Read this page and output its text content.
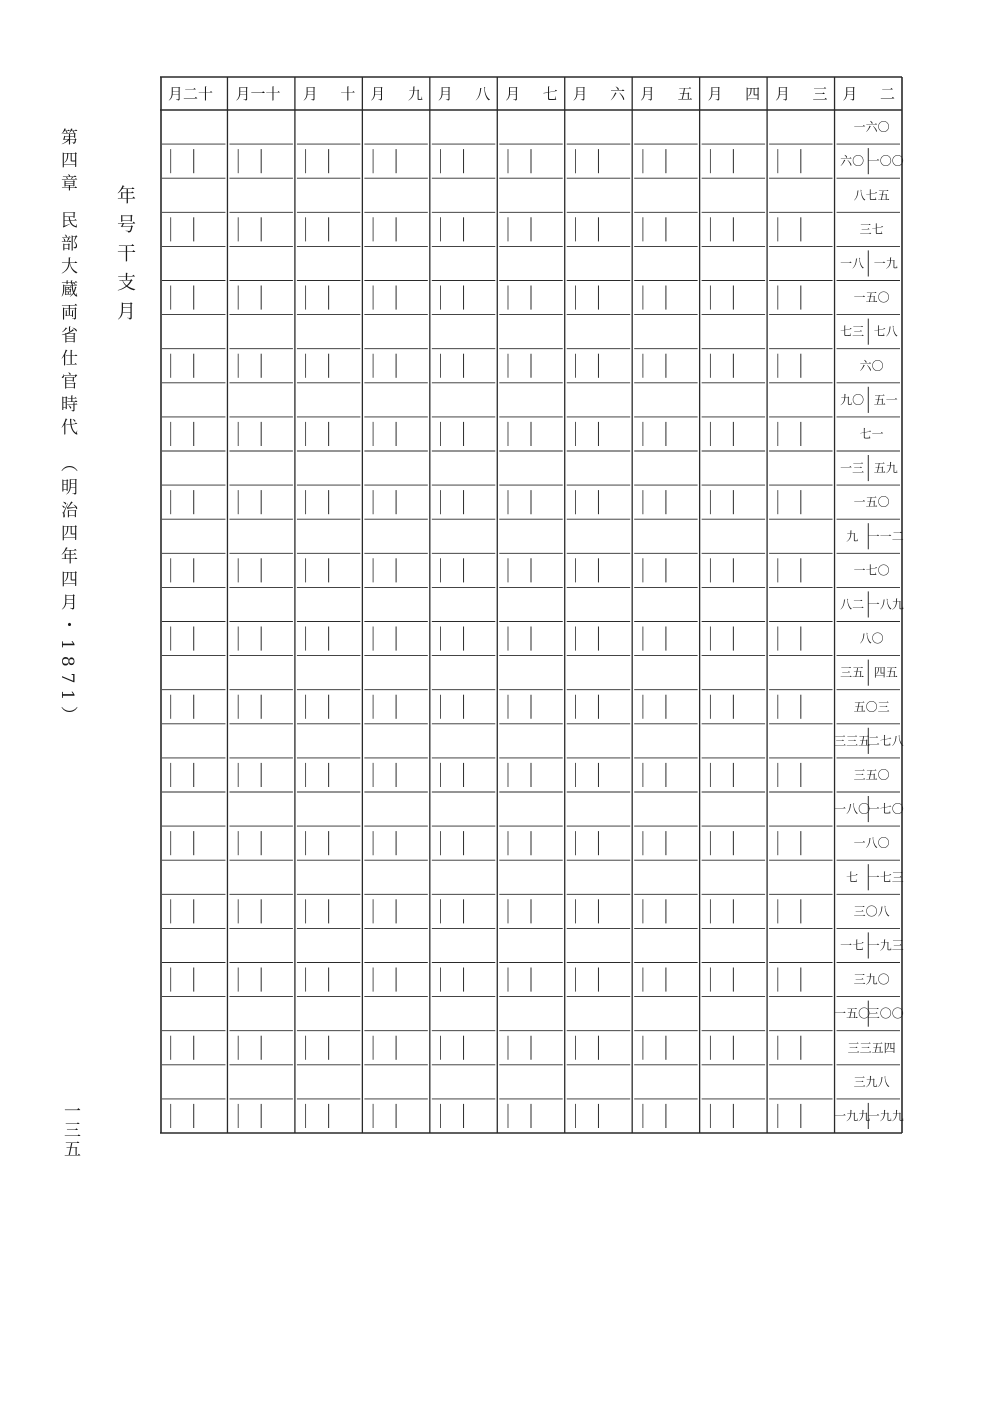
第四章民部大蔵両省仕官時代（明治四年四月・1871）
年号干支月
一三五
月 二
月 三
月 四
月 五
月 六
月 七
月 八
月 九
月 十
月一十
月二十
一六〇
六〇 一〇〇
八七五
三七
一八 一九
一五〇
七三 七八
六〇
九〇 五一
七一
一三 五九
一五〇
九 一一二
一七〇
八二 一八九
八〇
三五 四五
五〇三
三三五
二七八
三五〇
一八〇
一七〇
一八〇
七 一七三
三〇八
一七 一九三
三九〇
一五〇
三〇〇
三三五四
三九八
一九九
一九九
